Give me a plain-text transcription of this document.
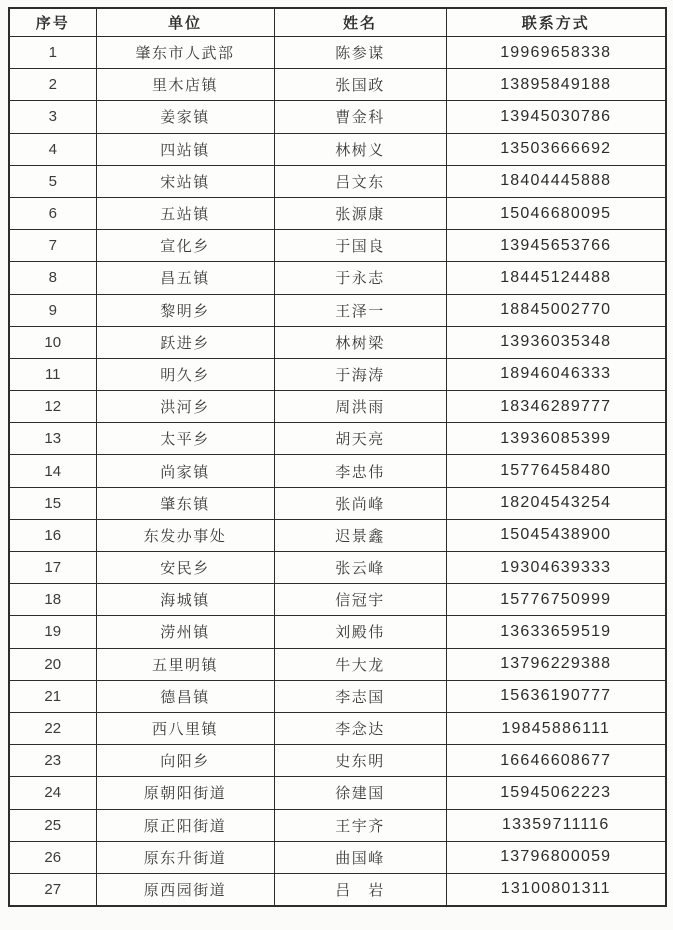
序号	单位	姓名	联系方式
1	肇东市人武部	陈参谋	19969658338
2	里木店镇	张国政	13895849188
3	姜家镇	曹金科	13945030786
4	四站镇	林树义	13503666692
5	宋站镇	吕文东	18404445888
6	五站镇	张源康	15046680095
7	宣化乡	于国良	13945653766
8	昌五镇	于永志	18445124488
9	黎明乡	王泽一	18845002770
10	跃进乡	林树梁	13936035348
11	明久乡	于海涛	18946046333
12	洪河乡	周洪雨	18346289777
13	太平乡	胡天亮	13936085399
14	尚家镇	李忠伟	15776458480
15	肇东镇	张尚峰	18204543254
16	东发办事处	迟景鑫	15045438900
17	安民乡	张云峰	19304639333
18	海城镇	信冠宇	15776750999
19	涝州镇	刘殿伟	13633659519
20	五里明镇	牛大龙	13796229388
21	德昌镇	李志国	15636190777
22	西八里镇	李念达	19845886111
23	向阳乡	史东明	16646608677
24	原朝阳街道	徐建国	15945062223
25	原正阳街道	王宇齐	13359711116
26	原东升街道	曲国峰	13796800059
27	原西园街道	吕　岩	13100801311
